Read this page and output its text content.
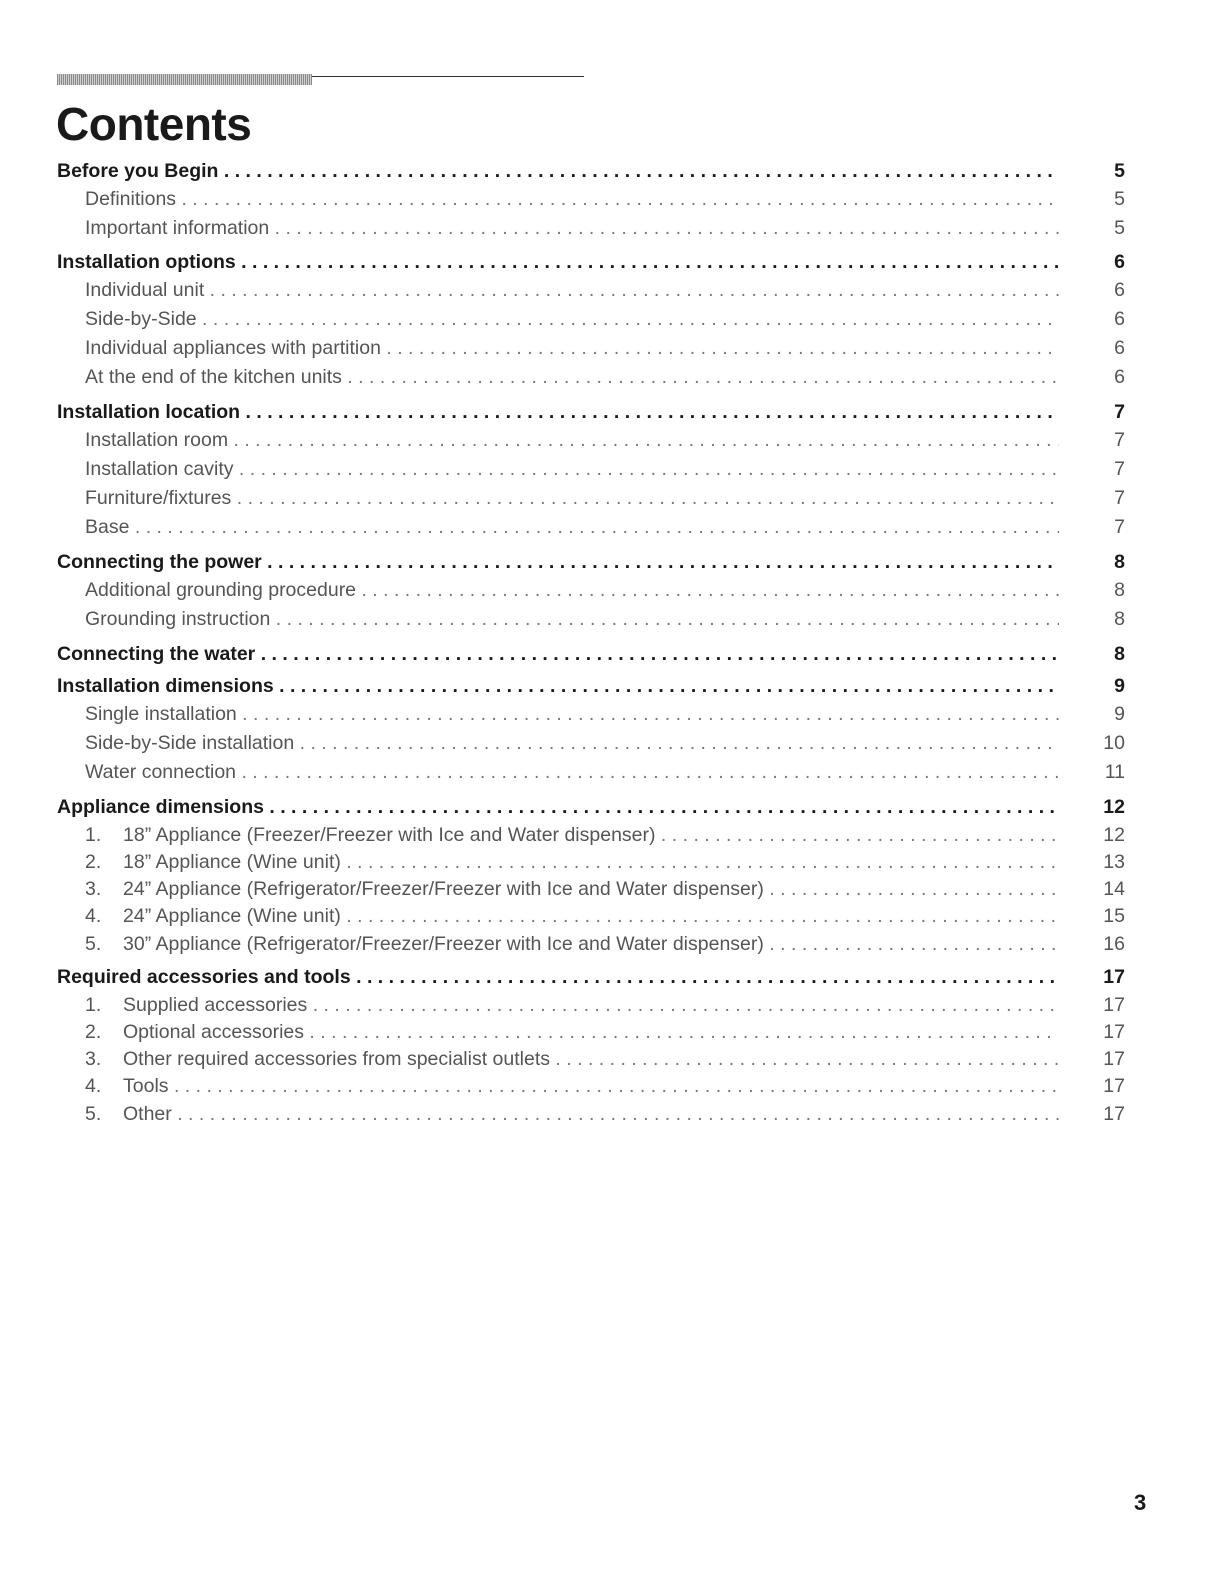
Contents
Before you Begin . . .	5
Definitions . . .	5
Important information . . .	5
Installation options . . .	6
Individual unit . . .	6
Side-by-Side . . .	6
Individual appliances with partition . . .	6
At the end of the kitchen units . . .	6
Installation location . . .	7
Installation room . . .	7
Installation cavity . . .	7
Furniture/fixtures . . .	7
Base . . .	7
Connecting the power . . .	8
Additional grounding procedure . . .	8
Grounding instruction . . .	8
Connecting the water . . .	8
Installation dimensions . . .	9
Single installation . . .	9
Side-by-Side installation . . .	10
Water connection . . .	11
Appliance dimensions . . .	12
1. 18” Appliance (Freezer/Freezer with Ice and Water dispenser) . . .	12
2. 18” Appliance (Wine unit) . . .	13
3. 24” Appliance (Refrigerator/Freezer/Freezer with Ice and Water dispenser) . . .	14
4. 24” Appliance (Wine unit) . . .	15
5. 30” Appliance (Refrigerator/Freezer/Freezer with Ice and Water dispenser) . . .	16
Required accessories and tools . . .	17
1. Supplied accessories . . .	17
2. Optional accessories . . .	17
3. Other required accessories from specialist outlets . . .	17
4. Tools . . .	17
5. Other . . .	17
3
